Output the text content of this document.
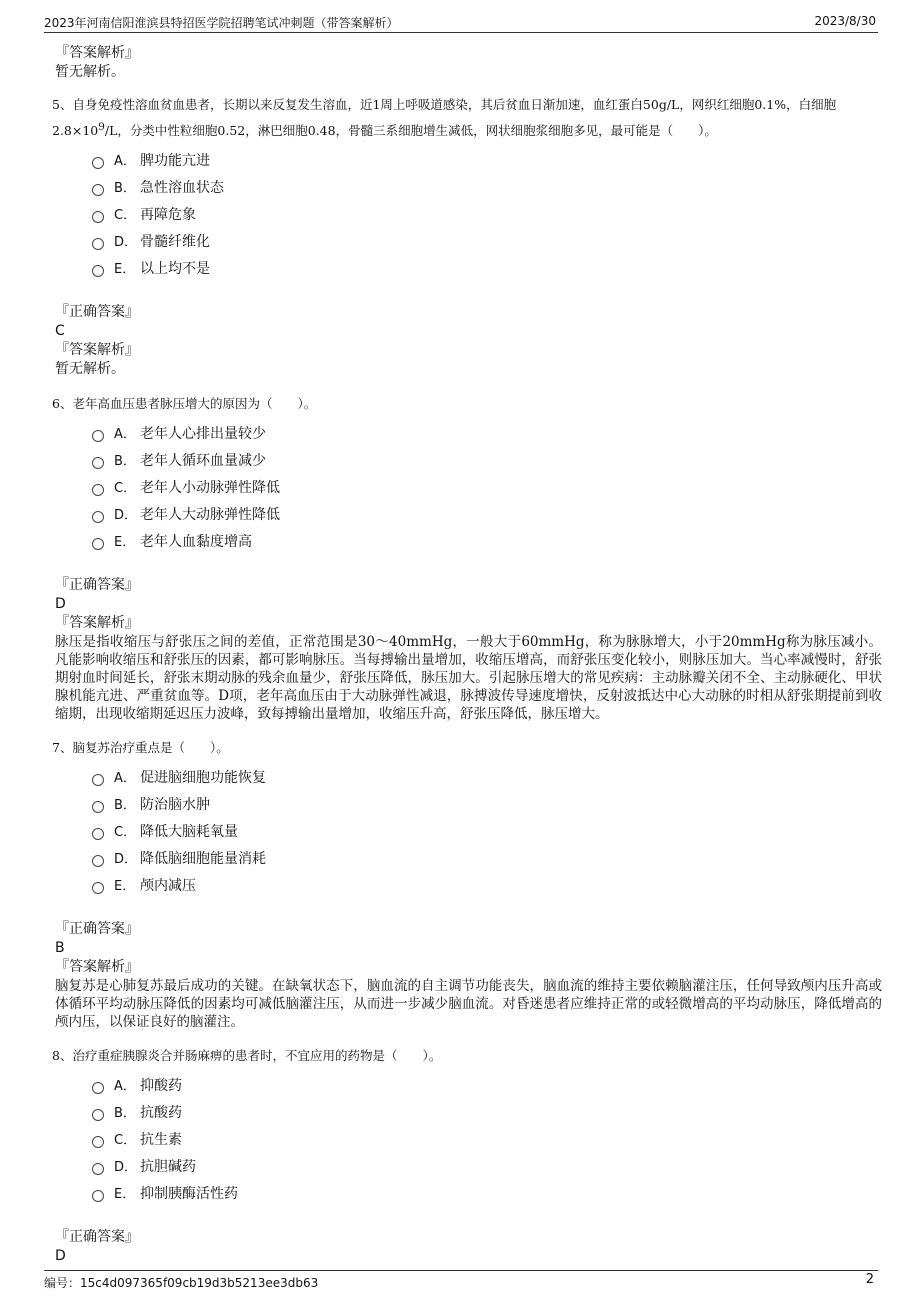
2023年河南信阳淮滨县特招医学院招聘笔试冲刺题（带答案解析）	2023/8/30
『答案解析』
暂无解析。
5、自身免疫性溶血贫血患者，长期以来反复发生溶血，近1周上呼吸道感染，其后贫血日渐加速，血红蛋白50g/L，网织红细胞0.1%，白细胞
$2.8\times 10^9/L$，分类中性粒细胞0.52，淋巴细胞0.48，骨髓三系细胞增生减低，网状细胞浆细胞多见，最可能是（　　）。
A． 脾功能亢进
B． 急性溶血状态
C． 再障危象
D． 骨髓纤维化
E． 以上均不是
『正确答案』
C
『答案解析』
暂无解析。
6、老年高血压患者脉压增大的原因为（　　）。
A． 老年人心排出量较少
B． 老年人循环血量减少
C． 老年人小动脉弹性降低
D． 老年人大动脉弹性降低
E． 老年人血黏度增高
『正确答案』
D
『答案解析』
脉压是指收缩压与舒张压之间的差值，正常范围是30～40mmHg，一般大于60mmHg，称为脉脉增大，小于20mmHg称为脉压减小。凡能影响收缩压和舒张压的因素，都可影响脉压。当每搏输出量增加，收缩压增高，而舒张压变化较小，则脉压加大。当心率减慢时，舒张期射血时间延长，舒张末期动脉的残余血量少，舒张压降低，脉压加大。引起脉压增大的常见疾病：主动脉瓣关闭不全、主动脉硬化、甲状腺机能亢进、严重贫血等。D项，老年高血压由于大动脉弹性减退，脉搏波传导速度增快，反射波抵达中心大动脉的时相从舒张期提前到收缩期，出现收缩期延迟压力波峰，致每搏输出量增加，收缩压升高，舒张压降低，脉压增大。
7、脑复苏治疗重点是（　　）。
A． 促进脑细胞功能恢复
B． 防治脑水肿
C． 降低大脑耗氧量
D． 降低脑细胞能量消耗
E． 颅内减压
『正确答案』
B
『答案解析』
脑复苏是心肺复苏最后成功的关键。在缺氧状态下，脑血流的自主调节功能丧失，脑血流的维持主要依赖脑灌注压，任何导致颅内压升高或体循环平均动脉压降低的因素均可减低脑灌注压，从而进一步减少脑血流。对昏迷患者应维持正常的或轻微增高的平均动脉压，降低增高的颅内压，以保证良好的脑灌注。
8、治疗重症胰腺炎合并肠麻痹的患者时，不宜应用的药物是（　　）。
A． 抑酸药
B． 抗酸药
C． 抗生素
D． 抗胆碱药
E． 抑制胰酶活性药
『正确答案』
D
编号：15c4d097365f09cb19d3b5213ee3db63	2
